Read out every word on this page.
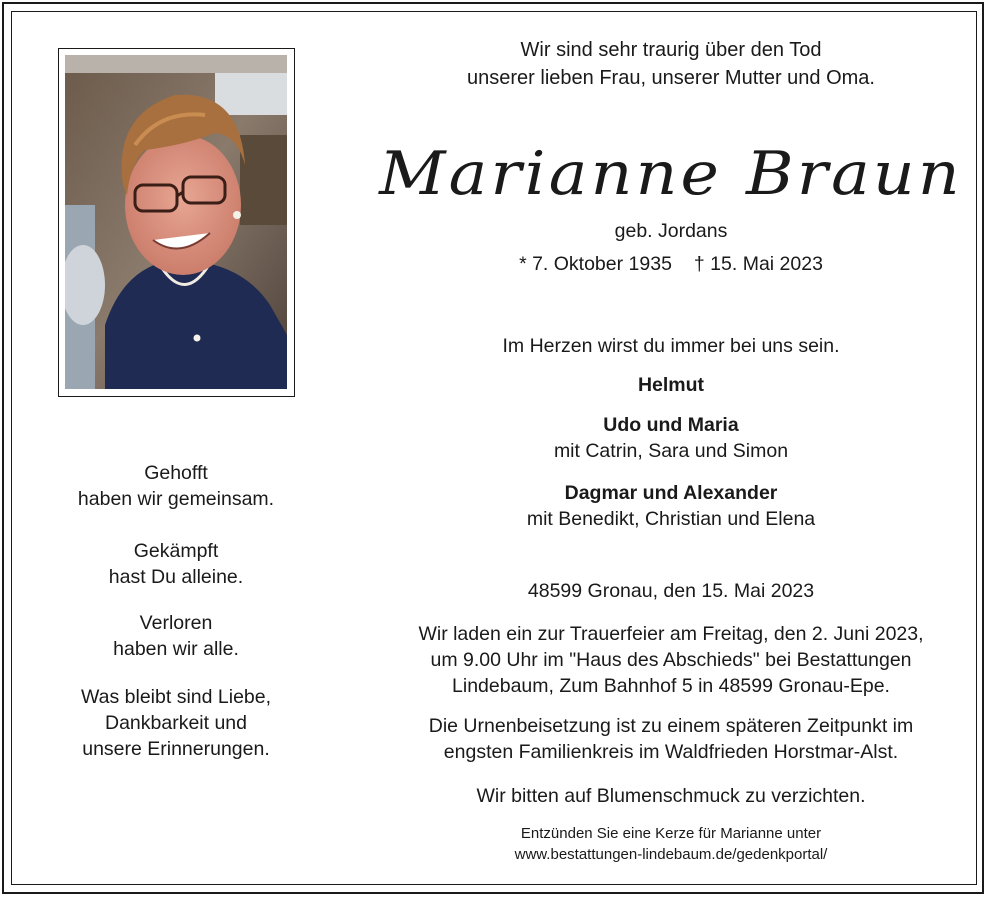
Gehofft
haben wir gemeinsam.

Gekämpft
hast Du alleine.

Verloren
haben wir alle.

Was bleibt sind Liebe,
Dankbarkeit und
unsere Erinnerungen.

Wir sind sehr traurig über den Tod
unserer lieben Frau, unserer Mutter und Oma.
Marianne Braun
geb. Jordans
* 7. Oktober 1935 † 15. Mai 2023
Im Herzen wirst du immer bei uns sein.
Helmut
Udo und Maria
mit Catrin, Sara und Simon
Dagmar und Alexander
mit Benedikt, Christian und Elena
48599 Gronau, den 15. Mai 2023
Wir laden ein zur Trauerfeier am Freitag, den 2. Juni 2023,
um 9.00 Uhr im "Haus des Abschieds" bei Bestattungen
Lindebaum, Zum Bahnhof 5 in 48599 Gronau-Epe.
Die Urnenbeisetzung ist zu einem späteren Zeitpunkt im
engsten Familienkreis im Waldfrieden Horstmar-Alst.
Wir bitten auf Blumenschmuck zu verzichten.
Entzünden Sie eine Kerze für Marianne unter
www.bestattungen-lindebaum.de/gedenkportal/
